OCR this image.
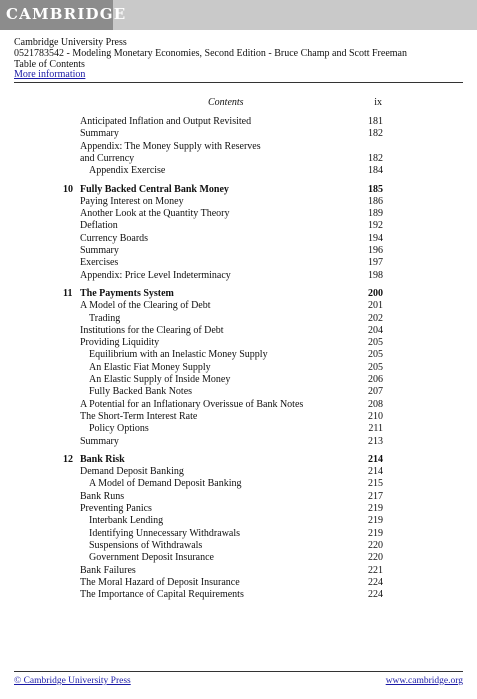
CAMBRIDGE
Cambridge University Press
0521783542 - Modeling Monetary Economies, Second Edition - Bruce Champ and Scott Freeman
Table of Contents
More information
Contents	ix
Anticipated Inflation and Output Revisited	181
Summary	182
Appendix: The Money Supply with Reserves
and Currency	182
Appendix Exercise	184
10 Fully Backed Central Bank Money	185
Paying Interest on Money	186
Another Look at the Quantity Theory	189
Deflation	192
Currency Boards	194
Summary	196
Exercises	197
Appendix: Price Level Indeterminacy	198
11 The Payments System	200
A Model of the Clearing of Debt	201
Trading	202
Institutions for the Clearing of Debt	204
Providing Liquidity	205
Equilibrium with an Inelastic Money Supply	205
An Elastic Fiat Money Supply	205
An Elastic Supply of Inside Money	206
Fully Backed Bank Notes	207
A Potential for an Inflationary Overissue of Bank Notes	208
The Short-Term Interest Rate	210
Policy Options	211
Summary	213
12 Bank Risk	214
Demand Deposit Banking	214
A Model of Demand Deposit Banking	215
Bank Runs	217
Preventing Panics	219
Interbank Lending	219
Identifying Unnecessary Withdrawals	219
Suspensions of Withdrawals	220
Government Deposit Insurance	220
Bank Failures	221
The Moral Hazard of Deposit Insurance	224
The Importance of Capital Requirements	224
© Cambridge University Press	www.cambridge.org
